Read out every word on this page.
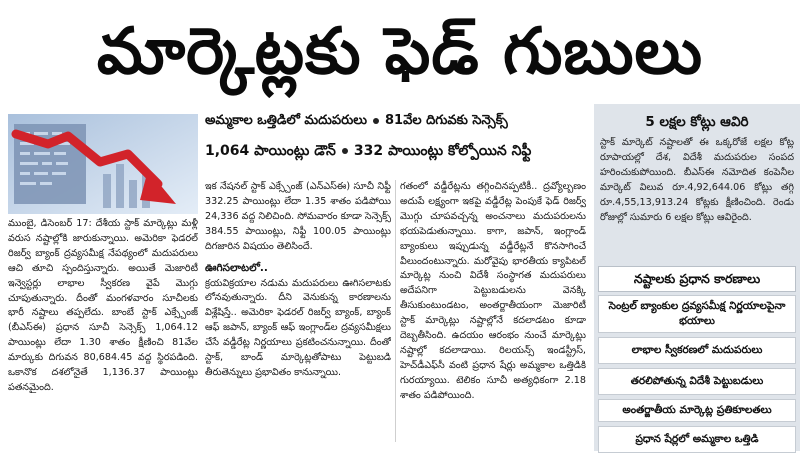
మార్కెట్లకు ఫెడ్ గుబులు

ముంబై, డిసెంబర్ 17: దేశీయ స్టాక్ మార్కెట్లు మళ్లీ వరుస నష్టాల్లోకి జారుకున్నాయి. అమెరికా ఫెడరల్ రిజర్వ్ బ్యాంక్ ద్రవ్యసమీక్ష నేపథ్యంలో మదుపరులు ఆచి తూచి స్పందిస్తున్నారు. అయితే మెజారిటీ ఇన్వెస్టర్లు లాభాల స్వీకరణ వైపే మొగ్గు చూపుతున్నారు. దీంతో మంగళవారం సూచీలకు భారీ నష్టాలు తప్పలేదు. బాంబే స్టాక్ ఎక్స్చేంజ్ (బీఎస్ఈ) ప్రధాన సూచీ సెన్సెక్స్ 1,064.12 పాయింట్లు లేదా 1.30 శాతం క్షీణించి 81వేల మార్కుకు దిగువన 80,684.45 వద్ద స్థిరపడింది. ఒకానొక దశలోనైతే 1,136.37 పాయింట్లు పతనమైంది.

అమ్మకాల ఒత్తిడిలో మదుపరులు 81వేల దిగువకు సెన్సెక్స్
1,064 పాయింట్లు డౌన్ 332 పాయింట్లు కోల్పోయిన నిఫ్టీ

ఇక నేషనల్ స్టాక్ ఎక్స్చేంజ్ (ఎన్ఎస్ఈ) సూచీ నిఫ్టీ 332.25 పాయింట్లు లేదా 1.35 శాతం పడిపోయి 24,336 వద్ద నిలిచింది. సోమవారం కూడా సెన్సెక్స్ 384.55 పాయింట్లు, నిఫ్టీ 100.05 పాయింట్లు దిగజారిన విషయం తెలిసిందే.

ఊగిసలాటలో..

క్రయవిక్రయాల నడుమ మదుపరులు ఊగిసలాటకు లోనవుతున్నారు. దీని వెనుకున్న కారణాలను విశ్లేషిస్తే.. అమెరికా ఫెడరల్ రిజర్వ్ బ్యాంక్, బ్యాంక్ ఆఫ్ జపాన్, బ్యాంక్ ఆఫ్ ఇంగ్లాండ్‌ల ద్రవ్యసమీక్షలు చేసే వడ్డీరేట్ల నిర్ణయాలు ప్రకటించనున్నాయి. దీంతో స్టాక్, బాండ్ మార్కెట్లతోపాటు పెట్టుబడి తీరుతెన్నులు ప్రభావితం కానున్నాయి.

గతంలో వడ్డీరేట్లను తగ్గించినప్పటికీ.. ద్రవ్యోల్బణం అదుపే లక్ష్యంగా ఇకపై వడ్డీరేట్ల పెంపుకే ఫెడ్ రిజర్వ్ మొగ్గు చూపవచ్చన్న అంచనాలు మదుపరులను భయపెడుతున్నాయి. కాగా, జపాన్, ఇంగ్లాండ్ బ్యాంకులు ఇప్పుడున్న వడ్డీరేట్లనే కొనసాగించే వీలుందంటున్నారు. మరోవైపు భారతీయ క్యాపిటల్ మార్కెట్ల నుంచి విదేశీ సంస్థాగత మదుపరులు అదేపనిగా పెట్టుబడులను వెనక్కి తీసుకుంటుండటం, అంతర్జాతీయంగా మెజారిటీ స్టాక్ మార్కెట్లు నష్టాల్లోనే కదలాడటం కూడా దెబ్బతీసింది. ఉదయం ఆరంభం నుంచే మార్కెట్లు నష్టాల్లో కదలాడాయి. రిలయన్స్ ఇండస్ట్రీస్, హెచ్‌డీఎఫ్‌సీ వంటి ప్రధాన షేర్లు అమ్మకాల ఒత్తిడికి గురయ్యాయి. టెలికం సూచీ అత్యధికంగా 2.18 శాతం పడిపోయింది.

5 లక్షల కోట్లు ఆవిరి

స్టాక్ మార్కెట్ నష్టాలతో ఈ ఒక్కరోజే లక్షల కోట్ల రూపాయల్లో దేశ, విదేశీ మదుపరుల సంపద హరించుకుపోయింది. బీఎస్ఈ నమోదిత కంపెనీల మార్కెట్ విలువ రూ.4,92,644.06 కోట్లు తగ్గి రూ.4,55,13,913.24 కోట్లకు క్షీణించింది. రెండు రోజుల్లో సుమారు 6 లక్షల కోట్లు ఆవిరైంది.

నష్టాలకు ప్రధాన కారణాలు
సెంట్రల్ బ్యాంకుల ద్రవ్యసమీక్ష నిర్ణయాలపైనా భయాలు
లాభాల స్వీకరణలో మదుపరులు
తరలిపోతున్న విదేశీ పెట్టుబడులు
అంతర్జాతీయ మార్కెట్ల ప్రతికూలతలు
ప్రధాన షేర్లలో అమ్మకాల ఒత్తిడి
